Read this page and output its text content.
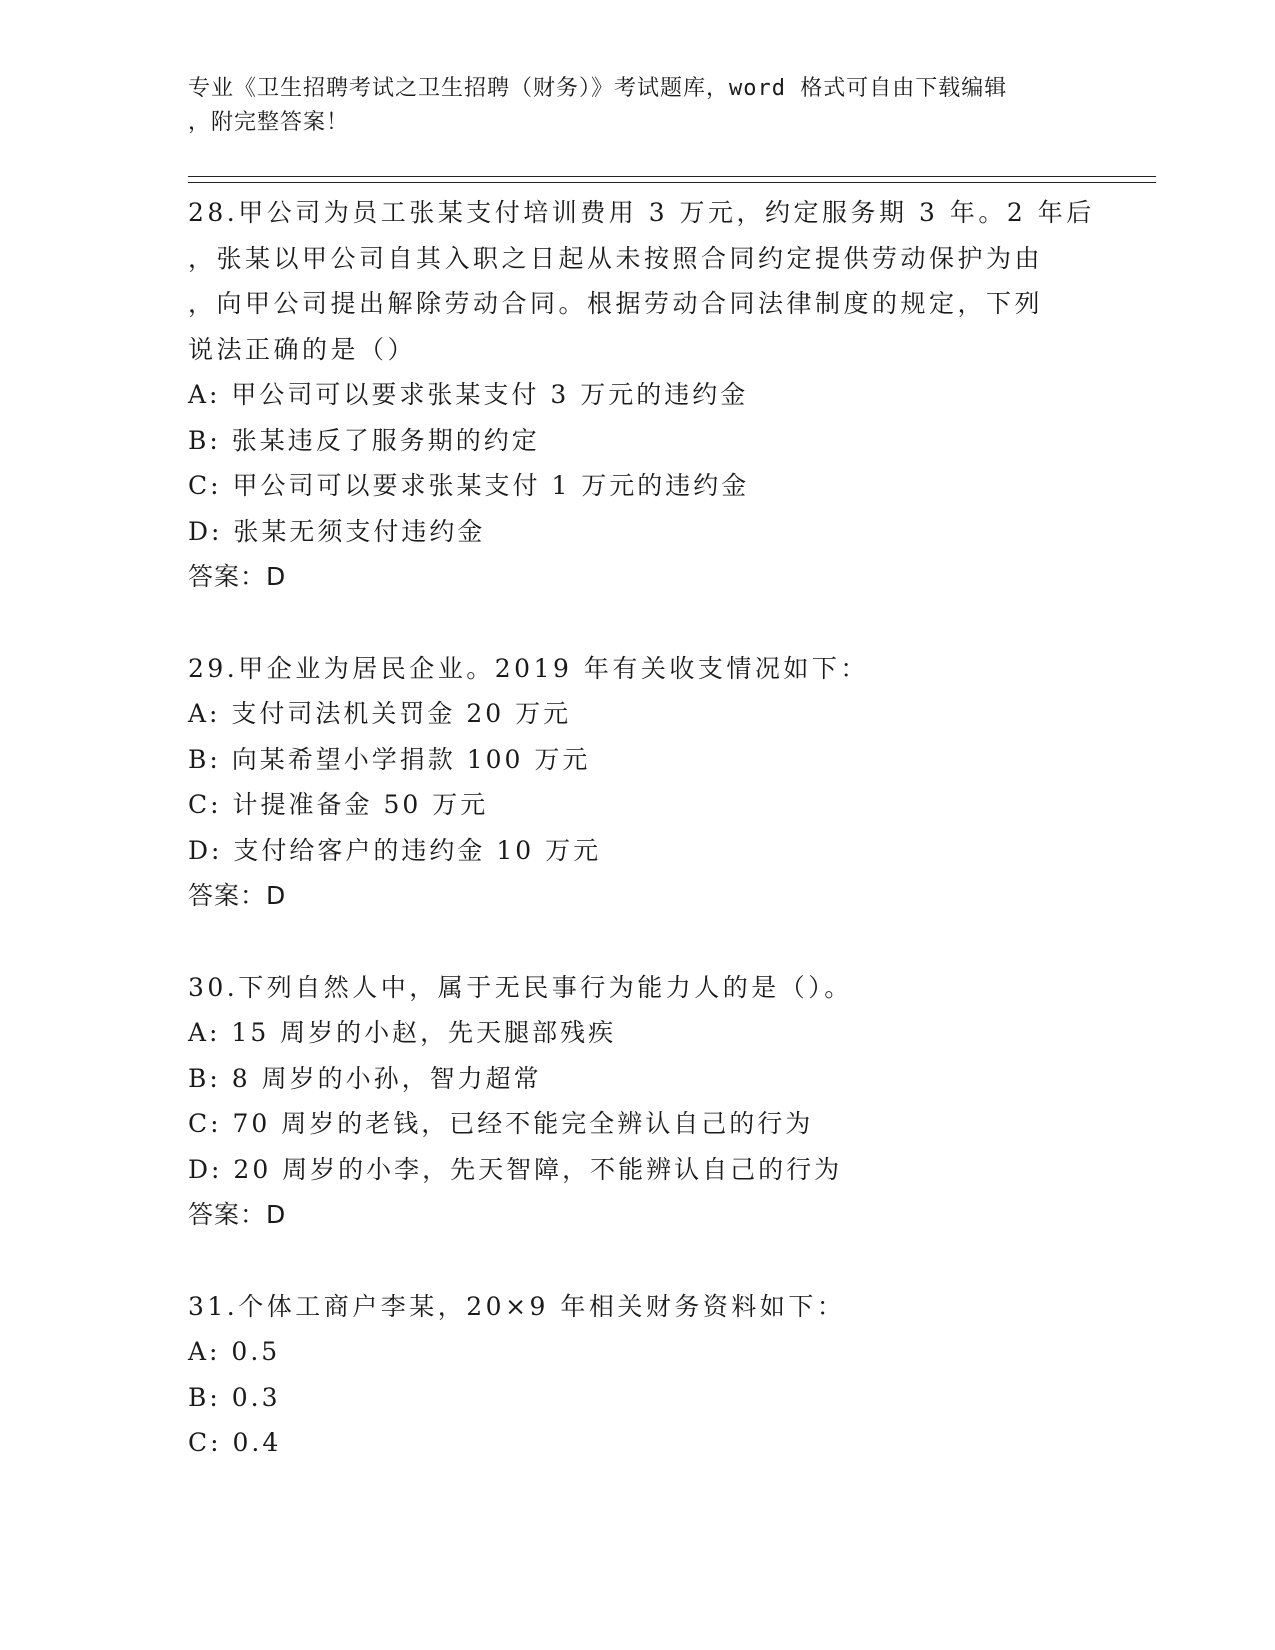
专业《卫生招聘考试之卫生招聘（财务）》考试题库，word 格式可自由下载编辑
，附完整答案！
28.甲公司为员工张某支付培训费用 3 万元，约定服务期 3 年。2 年后
，张某以甲公司自其入职之日起从未按照合同约定提供劳动保护为由
，向甲公司提出解除劳动合同。根据劳动合同法律制度的规定，下列
说法正确的是（）
A: 甲公司可以要求张某支付 3 万元的违约金
B: 张某违反了服务期的约定
C: 甲公司可以要求张某支付 1 万元的违约金
D: 张某无须支付违约金
答案：D
29.甲企业为居民企业。2019 年有关收支情况如下：
A: 支付司法机关罚金 20 万元
B: 向某希望小学捐款 100 万元
C: 计提准备金 50 万元
D: 支付给客户的违约金 10 万元
答案：D
30.下列自然人中，属于无民事行为能力人的是（）。
A: 15 周岁的小赵，先天腿部残疾
B: 8 周岁的小孙，智力超常
C: 70 周岁的老钱，已经不能完全辨认自己的行为
D: 20 周岁的小李，先天智障，不能辨认自己的行为
答案：D
31.个体工商户李某，20×9 年相关财务资料如下：
A: 0.5
B: 0.3
C: 0.4
